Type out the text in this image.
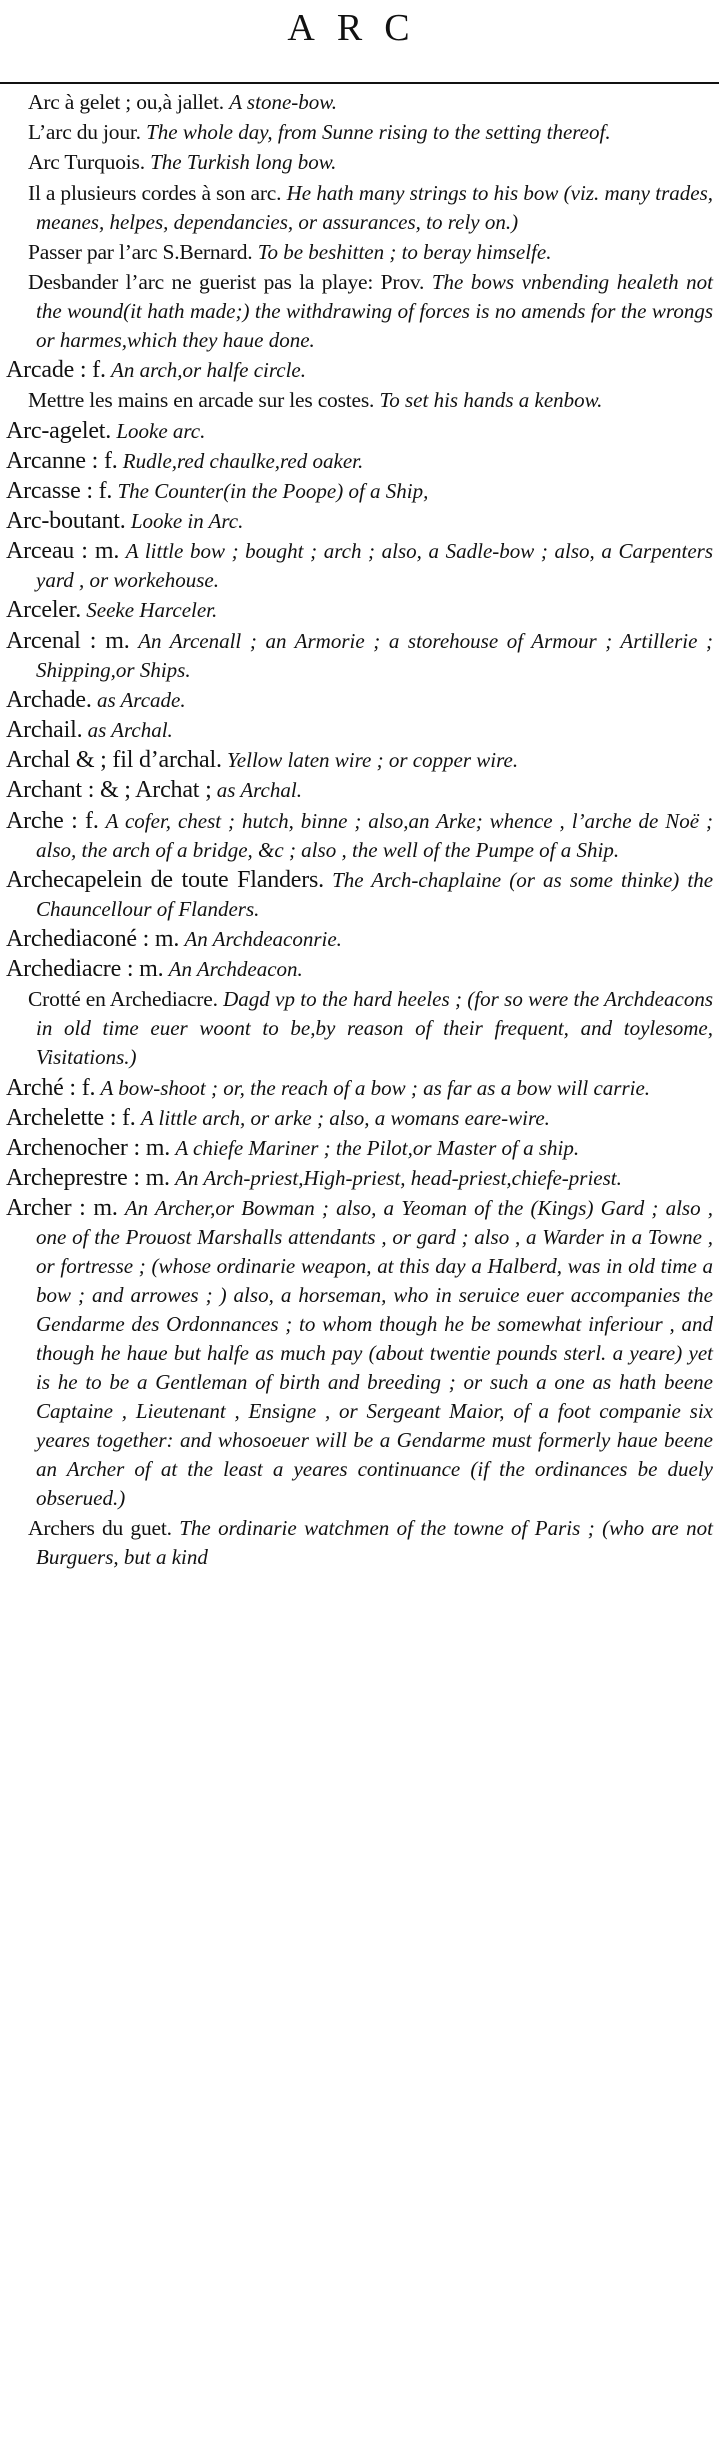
ARC

Arc à gelet ; ou,à jallet. A stone-bow.

L’arc du jour. The whole day, from Sunne rising to the setting thereof.

Arc Turquois. The Turkish long bow.

Il a plusieurs cordes à son arc. He hath many strings to his bow (viz. many trades, meanes, helpes, dependancies, or assurances, to rely on.)

Passer par l’arc S.Bernard. To be beshitten ; to beray himselfe.

Desbander l’arc ne guerist pas la playe: Prov. The bows vnbending healeth not the wound(it hath made;) the withdrawing of forces is no amends for the wrongs or harmes,which they haue done.

Arcade : f. An arch,or halfe circle.

Mettre les mains en arcade sur les costes. To set his hands a kenbow.

Arc-agelet. Looke arc.

Arcanne : f. Rudle,red chaulke,red oaker.

Arcasse : f. The Counter(in the Poope) of a Ship,

Arc-boutant. Looke in Arc.

Arceau : m. A little bow ; bought ; arch ; also, a Sadle-bow ; also, a Carpenters yard , or workehouse.

Arceler. Seeke Harceler.

Arcenal : m. An Arcenall ; an Armorie ; a storehouse of Armour ; Artillerie ; Shipping,or Ships.

Archade. as Arcade.

Archail. as Archal.

Archal & ; fil d’archal. Yellow laten wire ; or copper wire.

Archant : & ; Archat ; as Archal.

Arche : f. A cofer, chest ; hutch, binne ; also,an Arke; whence , l’arche de Noë ; also, the arch of a bridge, &c ; also , the well of the Pumpe of a Ship.

Archecapelein de toute Flanders. The Arch-chaplaine (or as some thinke) the Chauncellour of Flanders.

Archediaconé : m. An Archdeaconrie.

Archediacre : m. An Archdeacon.

Crotté en Archediacre. Dagd vp to the hard heeles ; (for so were the Archdeacons in old time euer woont to be,by reason of their frequent, and toylesome, Visitations.)

Arché : f. A bow-shoot ; or, the reach of a bow ; as far as a bow will carrie.

Archelette : f. A little arch, or arke ; also, a womans eare-wire.

Archenocher : m. A chiefe Mariner ; the Pilot,or Master of a ship.

Archeprestre : m. An Arch-priest,High-priest, head-priest,chiefe-priest.

Archer : m. An Archer,or Bowman ; also, a Yeoman of the (Kings) Gard ; also , one of the Prouost Marshalls attendants , or gard ; also , a Warder in a Towne , or fortresse ; (whose ordinarie weapon, at this day a Halberd, was in old time a bow ; and arrowes ; ) also, a horseman, who in seruice euer accompanies the Gendarme des Ordonnances ; to whom though he be somewhat inferiour , and though he haue but halfe as much pay (about twentie pounds sterl. a yeare) yet is he to be a Gentleman of birth and breeding ; or such a one as hath beene Captaine , Lieutenant , Ensigne , or Sergeant Maior, of a foot companie six yeares together: and whosoeuer will be a Gendarme must formerly haue beene an Archer of at the least a yeares continuance (if the ordinances be duely obserued.)

Archers du guet. The ordinarie watchmen of the towne of Paris ; (who are not Burguers, but a kind
